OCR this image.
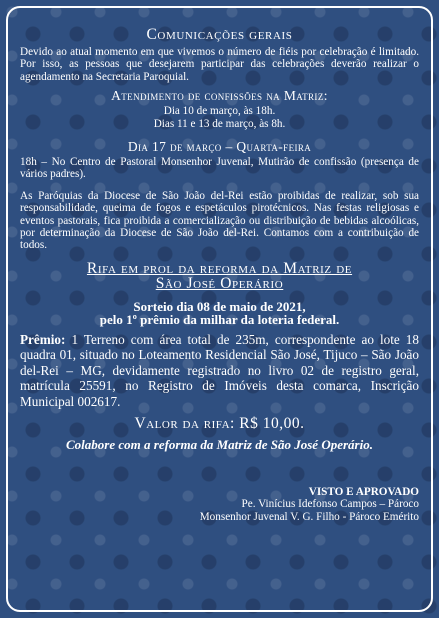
Comunicações gerais

Devido ao atual momento em que vivemos o número de fiéis por celebração é limitado. Por isso, as pessoas que desejarem participar das celebrações deverão realizar o agendamento na Secretaria Paroquial.

Atendimento de confissões na Matriz:

Dia 10 de março, às 18h.

Dias 11 e 13 de março, às 8h.

Dia 17 de março – Quarta-feira

18h – No Centro de Pastoral Monsenhor Juvenal, Mutirão de confissão (presença de vários padres).

As Paróquias da Diocese de São João del-Rei estão proibidas de realizar, sob sua responsabilidade, queima de fogos e espetáculos pirotécnicos. Nas festas religiosas e eventos pastorais, fica proibida a comercialização ou distribuição de bebidas alcoólicas, por determinação da Diocese de São João del-Rei. Contamos com a contribuição de todos.

Rifa em prol da reforma da Matriz de

São José Operário

Sorteio dia 08 de maio de 2021,

pelo 1º prêmio da milhar da loteria federal.

Prêmio: 1 Terreno com área total de 235m, correspondente ao lote 18 quadra 01, situado no Loteamento Residencial São José, Tijuco – São João del-Rei – MG, devidamente registrado no livro 02 de registro geral, matrícula 25591, no Registro de Imóveis desta comarca, Inscrição Municipal 002617.

Valor da rifa: R$ 10,00.

Colabore com a reforma da Matriz de São José Operário.

VISTO E APROVADO

Pe. Vinícius Idefonso Campos – Pároco

Monsenhor Juvenal V. G. Filho - Pároco Emérito
